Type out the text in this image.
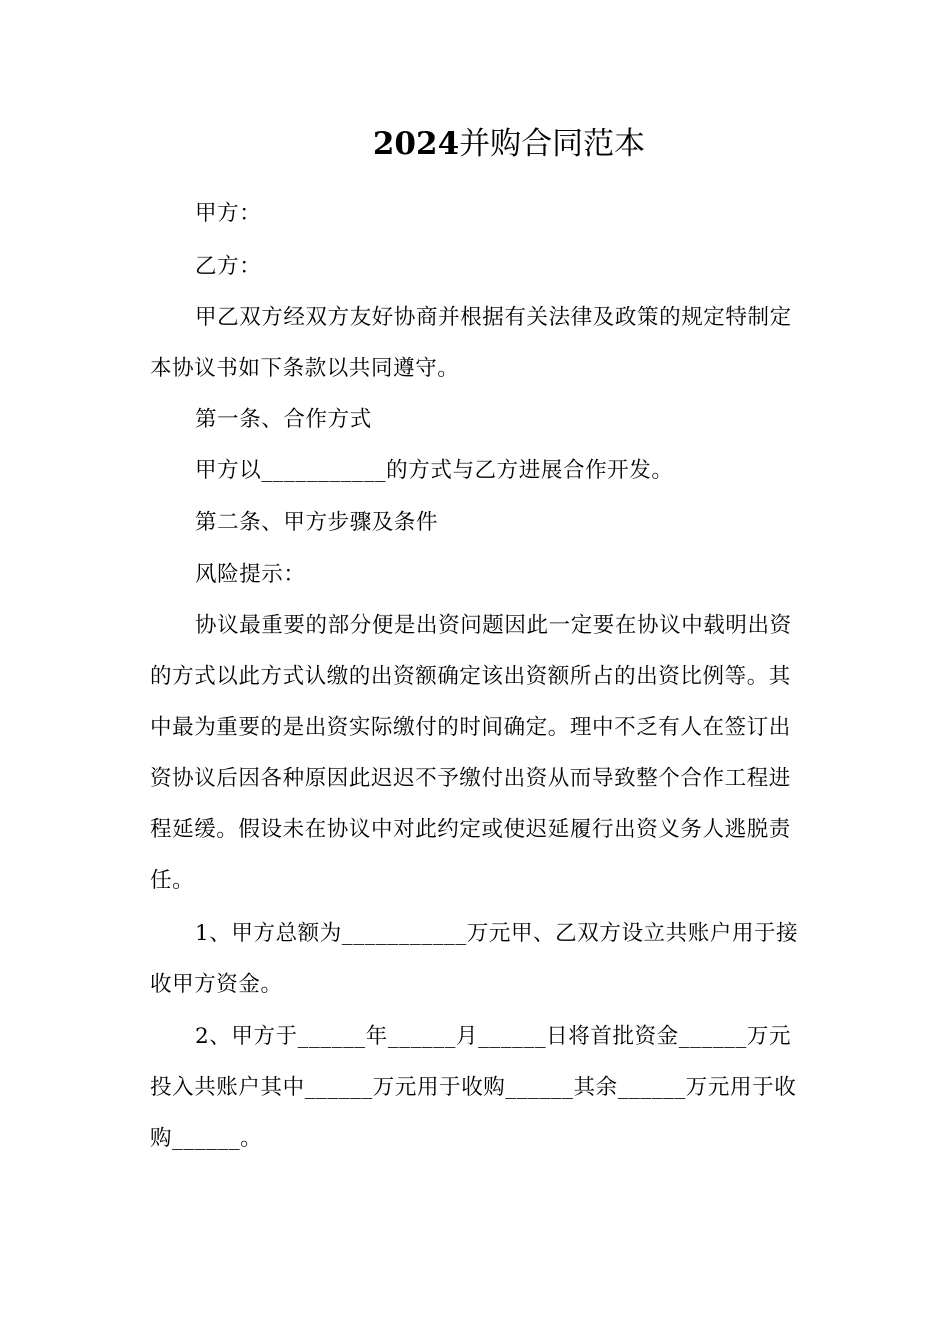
2024并购合同范本
甲方：
乙方：
甲乙双方经双方友好协商并根据有关法律及政策的规定特制定
本协议书如下条款以共同遵守。
第一条、合作方式
甲方以___________的方式与乙方进展合作开发。
第二条、甲方步骤及条件
风险提示：
协议最重要的部分便是出资问题因此一定要在协议中载明出资
的方式以此方式认缴的出资额确定该出资额所占的出资比例等。其
中最为重要的是出资实际缴付的时间确定。理中不乏有人在签订出
资协议后因各种原因此迟迟不予缴付出资从而导致整个合作工程进
程延缓。假设未在协议中对此约定或使迟延履行出资义务人逃脱责
任。
1、甲方总额为___________万元甲、乙双方设立共账户用于接
收甲方资金。
2、甲方于______年______月______日将首批资金______万元
投入共账户其中______万元用于收购______其余______万元用于收
购______。
